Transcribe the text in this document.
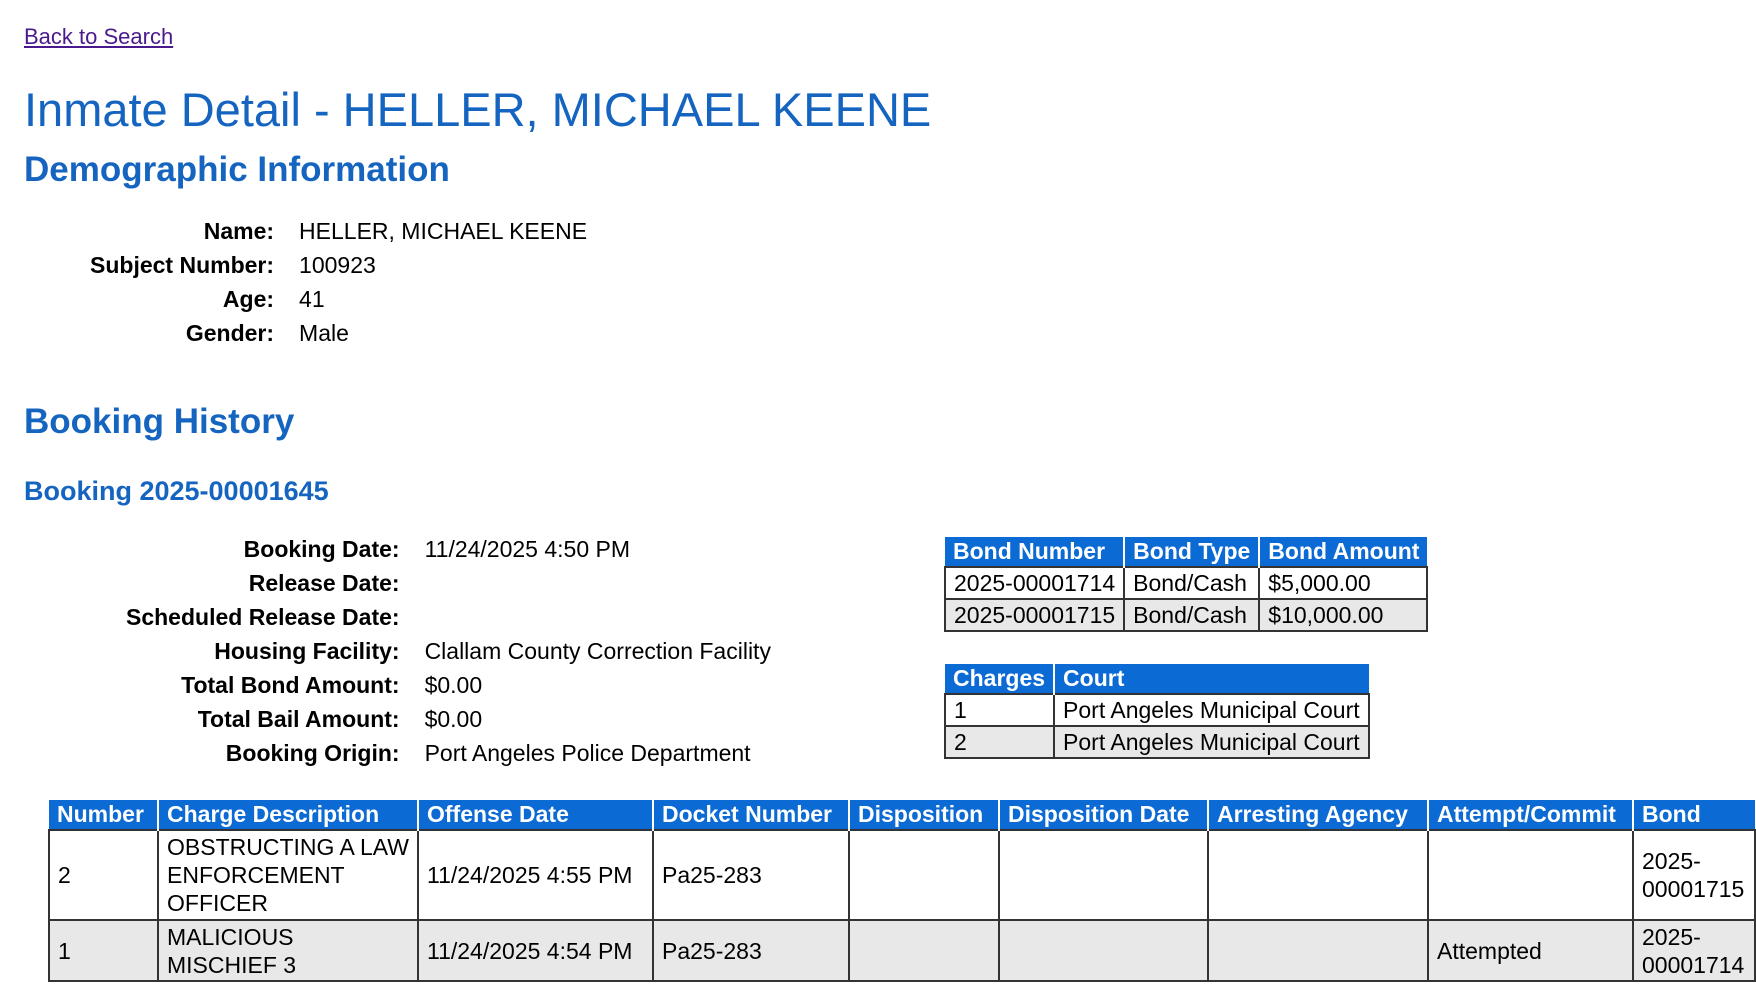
Back to Search
Inmate Detail - HELLER, MICHAEL KEENE
Demographic Information
Name:	HELLER, MICHAEL KEENE
Subject Number:	100923
Age:	41
Gender:	Male
Booking History
Booking 2025-00001645
Booking Date:	11/24/2025 4:50 PM
Release Date:	
Scheduled Release Date:	
Housing Facility:	Clallam County Correction Facility
Total Bond Amount:	$0.00
Total Bail Amount:	$0.00
Booking Origin:	Port Angeles Police Department
Bond Number	Bond Type	Bond Amount
2025-00001714	Bond/Cash	$5,000.00
2025-00001715	Bond/Cash	$10,000.00
Charges	Court
1	Port Angeles Municipal Court
2	Port Angeles Municipal Court
Number	Charge Description	Offense Date	Docket Number	Disposition	Disposition Date	Arresting Agency	Attempt/Commit	Bond
2	OBSTRUCTING A LAW ENFORCEMENT OFFICER	11/24/2025 4:55 PM	Pa25-283					2025-00001715
1	MALICIOUS MISCHIEF 3	11/24/2025 4:54 PM	Pa25-283				Attempted	2025-00001714
